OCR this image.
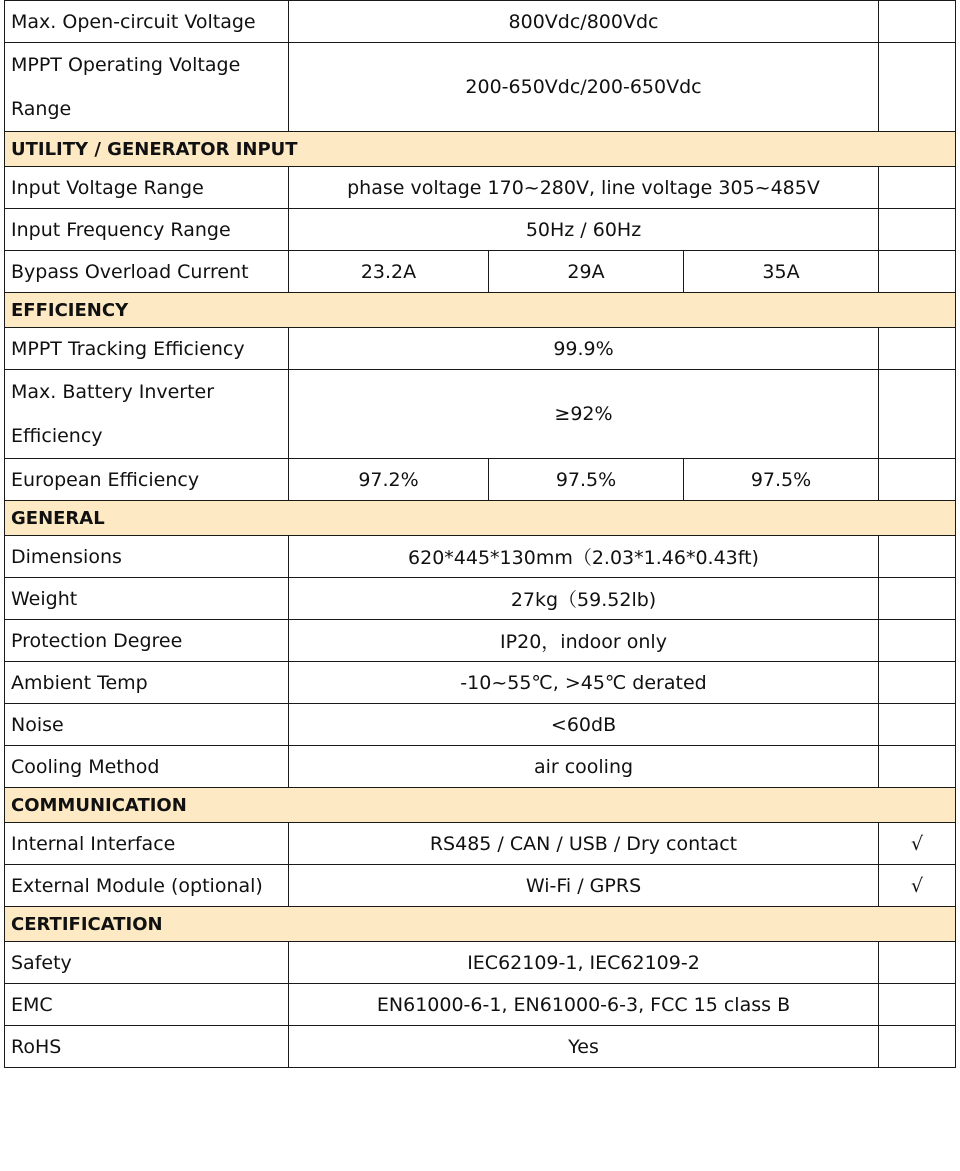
Max. Open-circuit Voltage	800Vdc/800Vdc			

MPPT Operating Voltage
Range	200-650Vdc/200-650Vdc			
UTILITY / GENERATOR INPUT				
Input Voltage Range	phase voltage 170~280V, line voltage 305~485V			
Input Frequency Range	50Hz / 60Hz			
Bypass Overload Current	23.2A	29A	35A	
EFFICIENCY				
MPPT Tracking Efficiency	99.9%			

Max. Battery Inverter
Efficiency	≥92%			
European Efficiency	97.2%	97.5%	97.5%	
GENERAL				
Dimensions	620*445*130mm（2.03*1.46*0.43ft)			
Weight	27kg（59.52lb)			
Protection Degree	IP20，indoor only			
Ambient Temp	-10~55℃, >45℃ derated			
Noise	<60dB			
Cooling Method	air cooling			
COMMUNICATION				
Internal Interface	RS485 / CAN / USB / Dry contact			√
External Module (optional)	Wi-Fi / GPRS			√
CERTIFICATION				
Safety	IEC62109-1, IEC62109-2			
EMC	EN61000-6-1, EN61000-6-3, FCC 15 class B			
RoHS	Yes			
